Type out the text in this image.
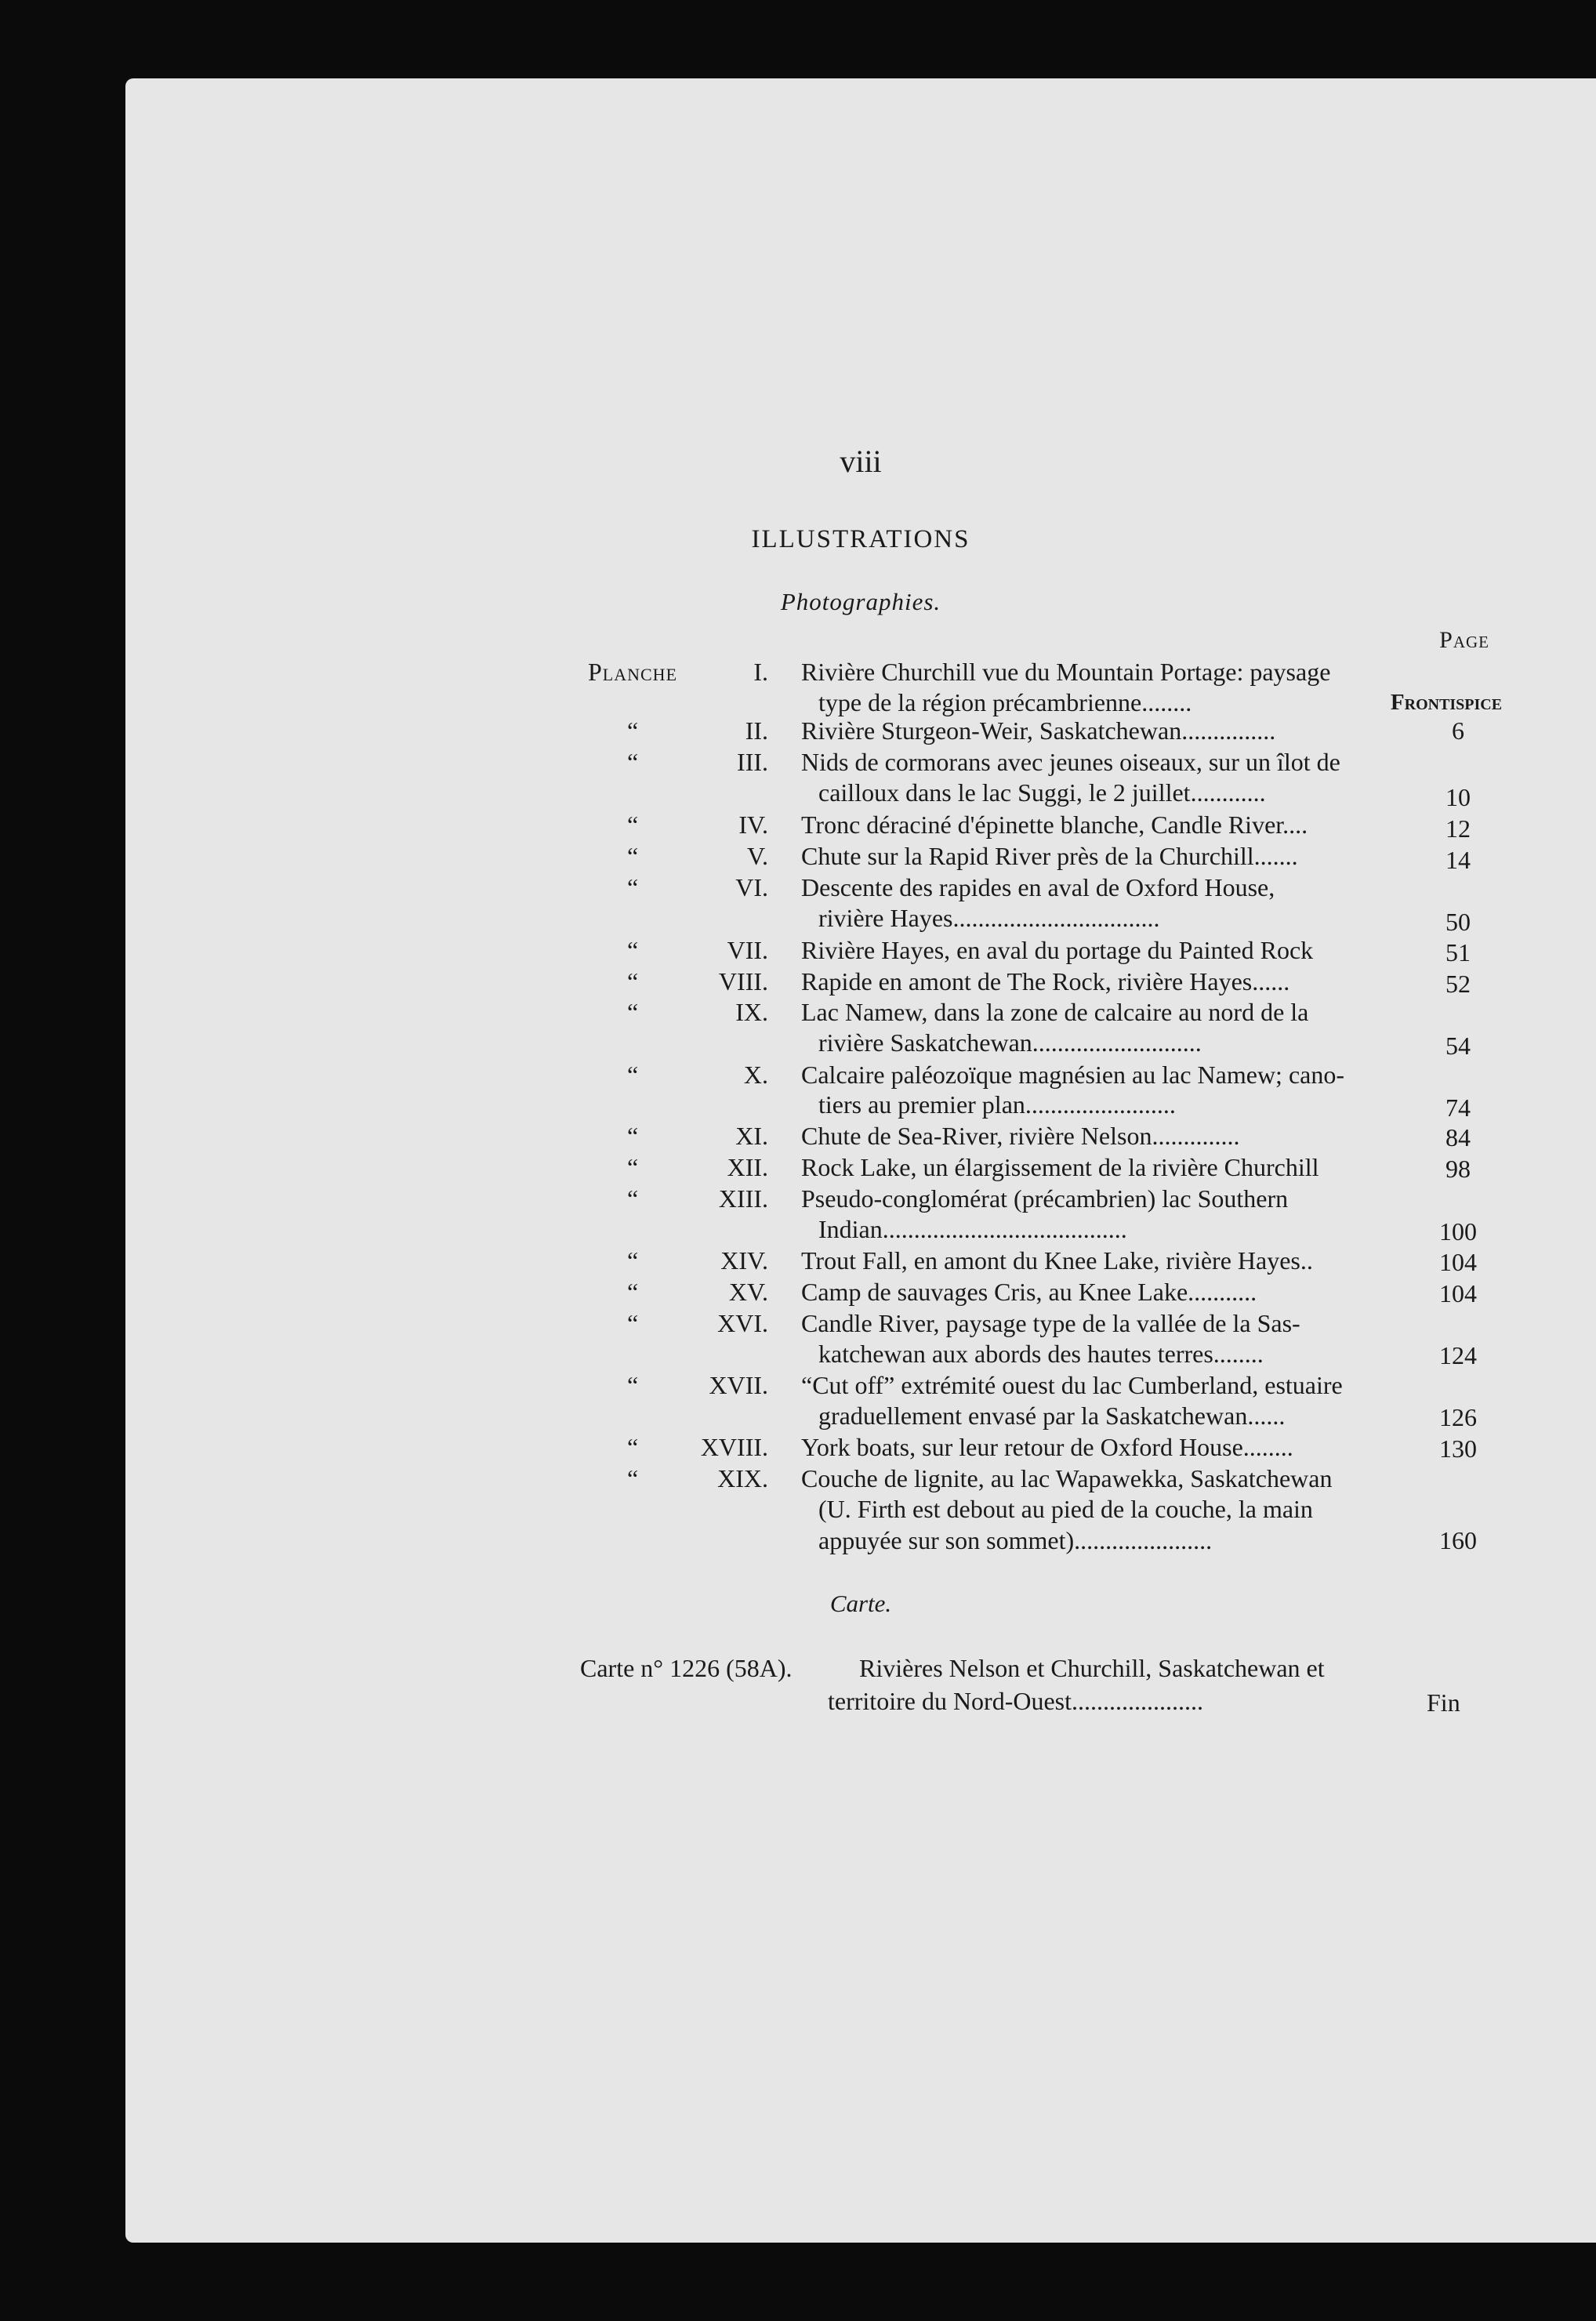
viii
ILLUSTRATIONS
Photographies.
Page
Planche	I. Rivière Churchill vue du Mountain Portage: paysage
type de la région précambrienne........	Frontispice
“	II. Rivière Sturgeon-Weir, Saskatchewan...............	6
“	III. Nids de cormorans avec jeunes oiseaux, sur un îlot de
cailloux dans le lac Suggi, le 2 juillet............	10
“	IV. Tronc déraciné d'épinette blanche, Candle River....	12
“	V. Chute sur la Rapid River près de la Churchill.......	14
“	VI. Descente des rapides en aval de Oxford House,
rivière Hayes.................................	50
“	VII. Rivière Hayes, en aval du portage du Painted Rock	51
“	VIII. Rapide en amont de The Rock, rivière Hayes......	52
“	IX. Lac Namew, dans la zone de calcaire au nord de la
rivière Saskatchewan...........................	54
“	X. Calcaire paléozoïque magnésien au lac Namew; cano-
tiers au premier plan........................	74
“	XI. Chute de Sea-River, rivière Nelson..............	84
“	XII. Rock Lake, un élargissement de la rivière Churchill	98
“	XIII. Pseudo-conglomérat (précambrien) lac Southern
Indian.......................................	100
“	XIV. Trout Fall, en amont du Knee Lake, rivière Hayes..	104
“	XV. Camp de sauvages Cris, au Knee Lake...........	104
“	XVI. Candle River, paysage type de la vallée de la Sas-
katchewan aux abords des hautes terres........	124
“	XVII. “Cut off” extrémité ouest du lac Cumberland, estuaire
graduellement envasé par la Saskatchewan......	126
“	XVIII. York boats, sur leur retour de Oxford House........	130
“	XIX. Couche de lignite, au lac Wapawekka, Saskatchewan
(U. Firth est debout au pied de la couche, la main
appuyée sur son sommet)......................	160
Carte.
Carte n° 1226 (58A).	Rivières Nelson et Churchill, Saskatchewan et
territoire du Nord-Ouest.....................	Fin
